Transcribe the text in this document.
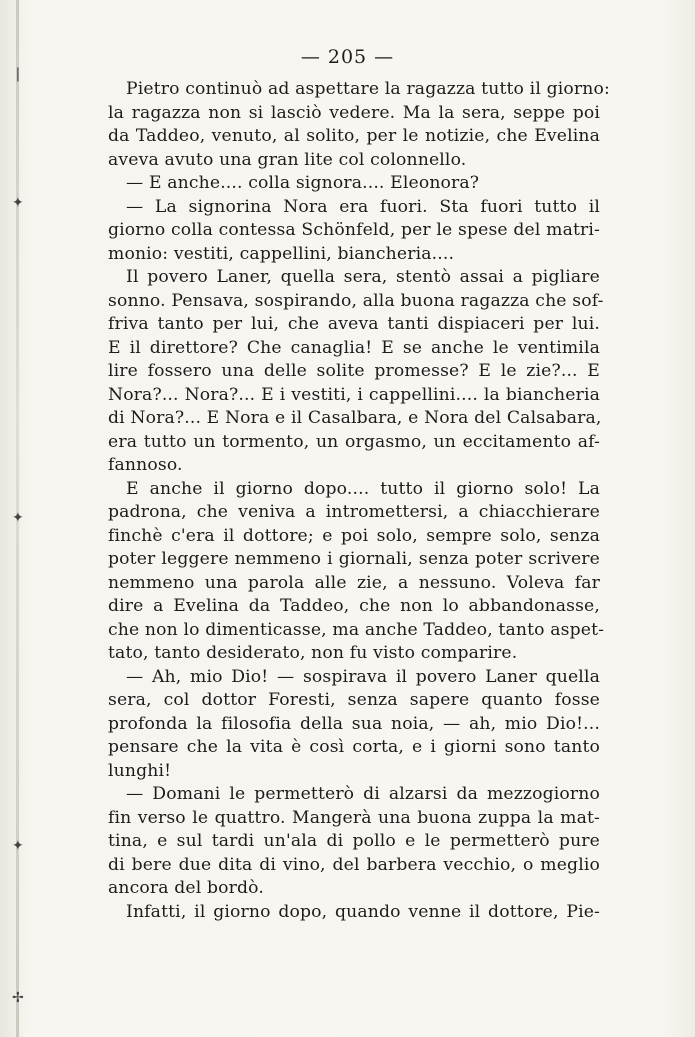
❘
✦
✦
✦
✢
— 205 —
Pietro continuò ad aspettare la ragazza tutto il giorno:
la ragazza non si lasciò vedere. Ma la sera, seppe poi
da Taddeo, venuto, al solito, per le notizie, che Evelina
aveva avuto una gran lite col colonnello.
— E anche.... colla signora.... Eleonora?
— La signorina Nora era fuori. Sta fuori tutto il
giorno colla contessa Schönfeld, per le spese del matri-
monio: vestiti, cappellini, biancheria....
Il povero Laner, quella sera, stentò assai a pigliare
sonno. Pensava, sospirando, alla buona ragazza che sof-
friva tanto per lui, che aveva tanti dispiaceri per lui.
E il direttore? Che canaglia! E se anche le ventimila
lire fossero una delle solite promesse? E le zie?... E
Nora?... Nora?... E i vestiti, i cappellini.... la biancheria
di Nora?... E Nora e il Casalbara, e Nora del Calsabara,
era tutto un tormento, un orgasmo, un eccitamento af-
fannoso.
E anche il giorno dopo.... tutto il giorno solo! La
padrona, che veniva a intromettersi, a chiacchierare
finchè c'era il dottore; e poi solo, sempre solo, senza
poter leggere nemmeno i giornali, senza poter scrivere
nemmeno una parola alle zie, a nessuno. Voleva far
dire a Evelina da Taddeo, che non lo abbandonasse,
che non lo dimenticasse, ma anche Taddeo, tanto aspet-
tato, tanto desiderato, non fu visto comparire.
— Ah, mio Dio! — sospirava il povero Laner quella
sera, col dottor Foresti, senza sapere quanto fosse
profonda la filosofia della sua noia, — ah, mio Dio!...
pensare che la vita è così corta, e i giorni sono tanto
lunghi!
— Domani le permetterò di alzarsi da mezzogiorno
fin verso le quattro. Mangerà una buona zuppa la mat-
tina, e sul tardi un'ala di pollo e le permetterò pure
di bere due dita di vino, del barbera vecchio, o meglio
ancora del bordò.
Infatti, il giorno dopo, quando venne il dottore, Pie-
